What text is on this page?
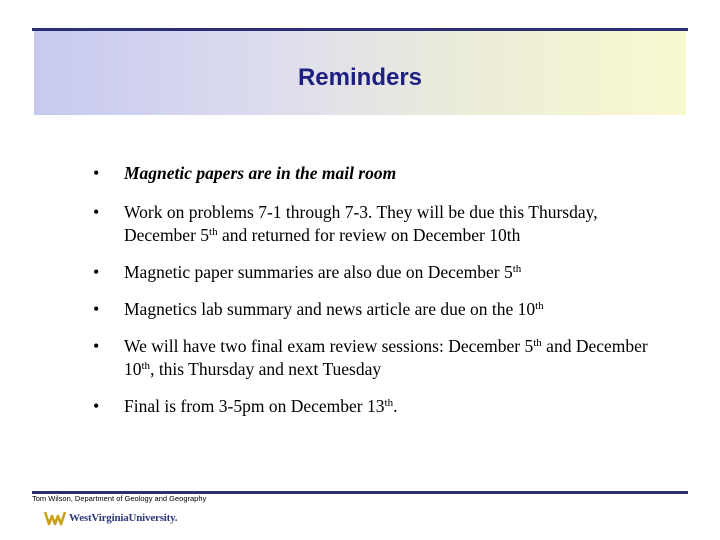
Reminders
• Magnetic papers are in the mail room
• Work on problems 7-1 through 7-3. They will be due this Thursday, December 5th and returned for review on December 10th
• Magnetic paper summaries are also due on December 5th
• Magnetics lab summary and news article are due on the 10th
• We will have two final exam review sessions: December 5th and December 10th, this Thursday and next Tuesday
• Final is from 3-5pm on December 13th.
Tom Wilson, Department of Geology and Geography
WestVirginiaUniversity.
